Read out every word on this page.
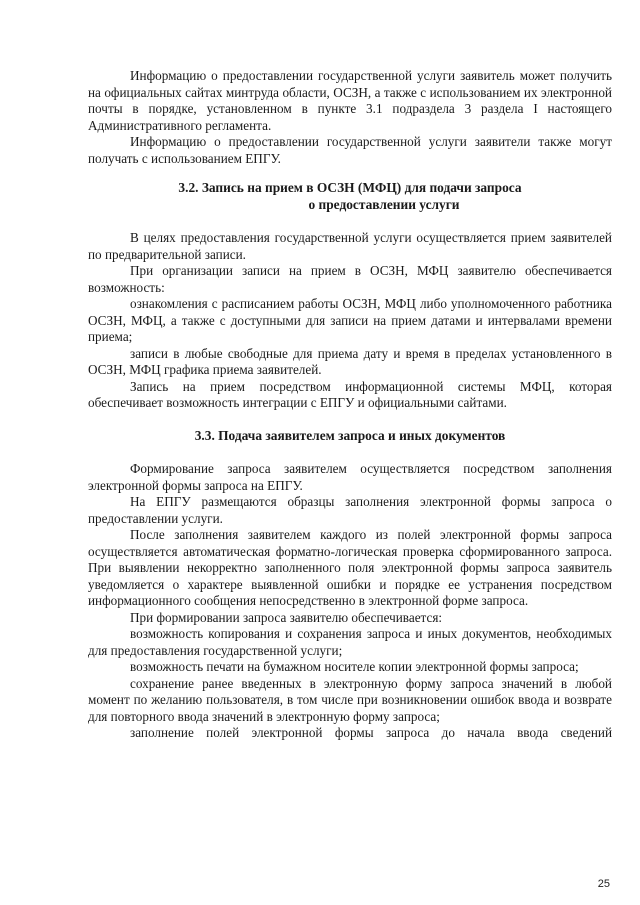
Информацию о предоставлении государственной услуги заявитель может получить на официальных сайтах минтруда области, ОСЗН, а также с использованием их электронной почты в порядке, установленном в пункте 3.1 подраздела 3 раздела I настоящего Административного регламента.

Информацию о предоставлении государственной услуги заявители также могут получать с использованием ЕПГУ.

3.2. Запись на прием в ОСЗН (МФЦ) для подачи запроса
о предоставлении услуги

В целях предоставления государственной услуги осуществляется прием заявителей по предварительной записи.

При организации записи на прием в ОСЗН, МФЦ заявителю обеспечивается возможность:

ознакомления с расписанием работы ОСЗН, МФЦ либо уполномоченного работника ОСЗН, МФЦ, а также с доступными для записи на прием датами и интервалами времени приема;

записи в любые свободные для приема дату и время в пределах установленного в ОСЗН, МФЦ графика приема заявителей.

Запись на прием посредством информационной системы МФЦ, которая обеспечивает возможность интеграции с ЕПГУ и официальными сайтами.

3.3. Подача заявителем запроса и иных документов

Формирование запроса заявителем осуществляется посредством заполнения электронной формы запроса на ЕПГУ.

На ЕПГУ размещаются образцы заполнения электронной формы запроса о предоставлении услуги.

После заполнения заявителем каждого из полей электронной формы запроса осуществляется автоматическая форматно-логическая проверка сформированного запроса. При выявлении некорректно заполненного поля электронной формы запроса заявитель уведомляется о характере выявленной ошибки и порядке ее устранения посредством информационного сообщения непосредственно в электронной форме запроса.

При формировании запроса заявителю обеспечивается:

возможность копирования и сохранения запроса и иных документов, необходимых для предоставления государственной услуги;

возможность печати на бумажном носителе копии электронной формы запроса;

сохранение ранее введенных в электронную форму запроса значений в любой момент по желанию пользователя, в том числе при возникновении ошибок ввода и возврате для повторного ввода значений в электронную форму запроса;

заполнение полей электронной формы запроса до начала ввода сведений

25
